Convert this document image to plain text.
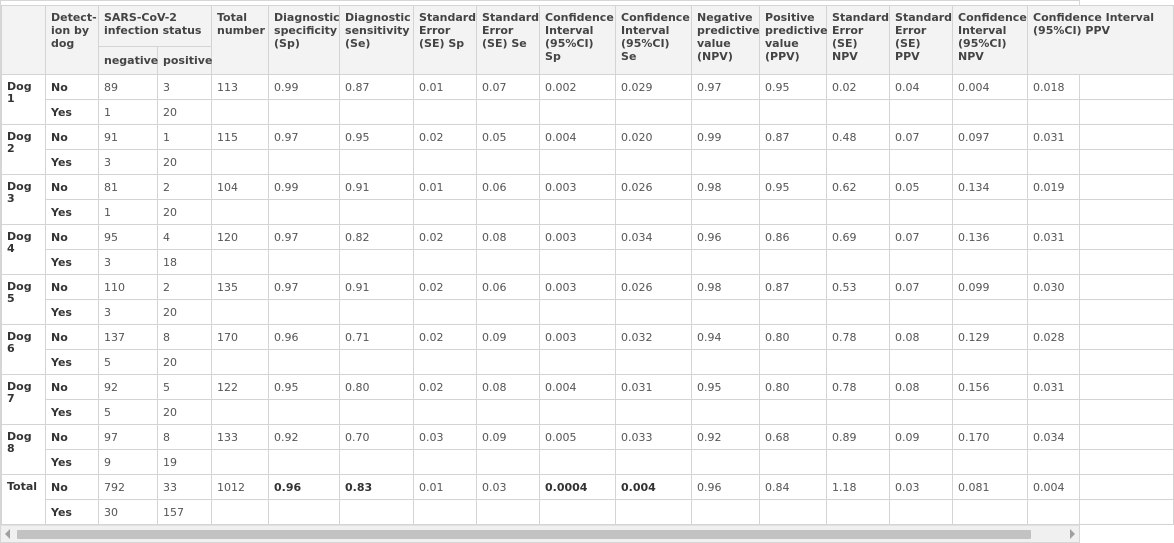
	Detect-ion by dog	SARS-CoV-2 infection status		Total number	Diagnostic specificity (Sp)	Diagnostic sensitivity (Se)	Standard Error (SE) Sp	Standard Error (SE) Se	Confidence Interval (95%CI) Sp	Confidence Interval (95%CI) Se	Negative predictive value (NPV)	Positive predictive value (PPV)	Standard Error (SE) NPV	Standard Error (SE) PPV	Confidence Interval (95%CI) NPV	Confidence Interval (95%CI) PPV
		negative	positive													
Dog 1	No	89	3	113	0.99	0.87	0.01	0.07	0.002	0.029	0.97	0.95	0.02	0.04	0.004	0.018
	Yes	1	20													
Dog 2	No	91	1	115	0.97	0.95	0.02	0.05	0.004	0.020	0.99	0.87	0.48	0.07	0.097	0.031
	Yes	3	20													
Dog 3	No	81	2	104	0.99	0.91	0.01	0.06	0.003	0.026	0.98	0.95	0.62	0.05	0.134	0.019
	Yes	1	20													
Dog 4	No	95	4	120	0.97	0.82	0.02	0.08	0.003	0.034	0.96	0.86	0.69	0.07	0.136	0.031
	Yes	3	18													
Dog 5	No	110	2	135	0.97	0.91	0.02	0.06	0.003	0.026	0.98	0.87	0.53	0.07	0.099	0.030
	Yes	3	20													
Dog 6	No	137	8	170	0.96	0.71	0.02	0.09	0.003	0.032	0.94	0.80	0.78	0.08	0.129	0.028
	Yes	5	20													
Dog 7	No	92	5	122	0.95	0.80	0.02	0.08	0.004	0.031	0.95	0.80	0.78	0.08	0.156	0.031
	Yes	5	20													
Dog 8	No	97	8	133	0.92	0.70	0.03	0.09	0.005	0.033	0.92	0.68	0.89	0.09	0.170	0.034
	Yes	9	19													
Total	No	792	33	1012	0.96	0.83	0.01	0.03	0.0004	0.004	0.96	0.84	1.18	0.03	0.081	0.004
	Yes	30	157													
